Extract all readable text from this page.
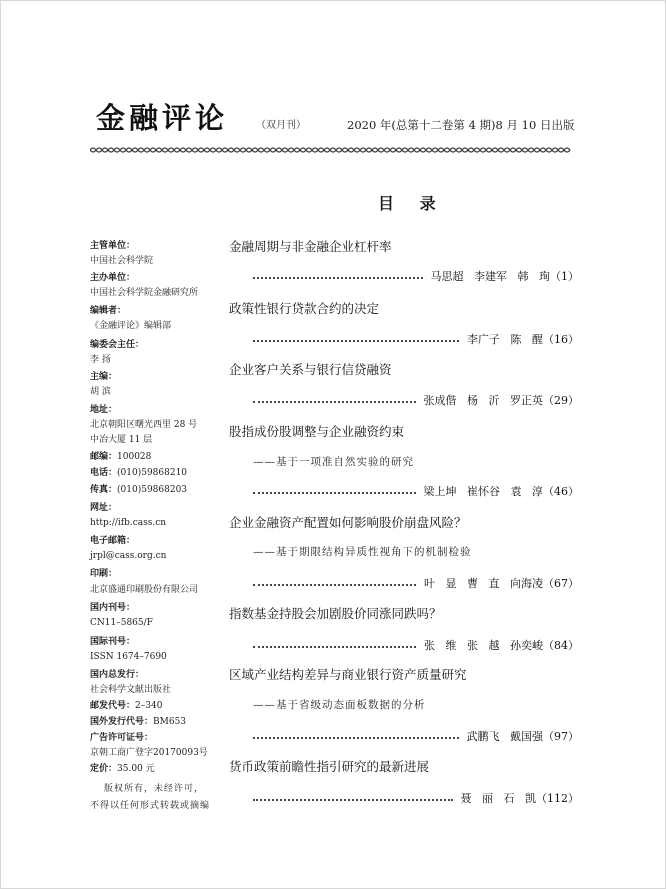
金融评论	（双月刊）	2020 年(总第十二卷第 4 期)8 月 10 日出版
目 录
主管单位：
中国社会科学院
主办单位：
中国社会科学院金融研究所
编辑者：
《金融评论》编辑部
编委会主任：
李 扬
主编：
胡 滨
地址：
北京朝阳区曙光西里 28 号
中冶大厦 11 层
邮编：100028
电话：(010)59868210
传真：(010)59868203
网址：
http://ifb.cass.cn
电子邮箱：
jrpl@cass.org.cn
印刷：
北京盛通印刷股份有限公司
国内刊号：
CN11–5865/F
国际刊号：
ISSN 1674–7690
国内总发行：
社会科学文献出版社
邮发代号：2–340
国外发行代号：BM653
广告许可证号：
京朝工商广登字20170093号
定价：35.00 元
版权所有，未经许可，
不得以任何形式转载或摘编
金融周期与非金融企业杠杆率
马思超   李建军   韩   珣 （1）
政策性银行贷款合约的决定
李广子   陈   醒 （16）
企业客户关系与银行信贷融资
张成偕   杨   沂   罗正英 （29）
股指成份股调整与企业融资约束
——基于一项准自然实验的研究
梁上坤   崔怀谷   袁   淳 （46）
企业金融资产配置如何影响股价崩盘风险？
——基于期限结构异质性视角下的机制检验
叶   显   曹   直   向海凌 （67）
指数基金持股会加剧股价同涨同跌吗？
张   维   张   越   孙奕峻 （84）
区域产业结构差异与商业银行资产质量研究
——基于省级动态面板数据的分析
武鹏飞   戴国强 （97）
货币政策前瞻性指引研究的最新进展
聂   丽   石   凯 （112）
